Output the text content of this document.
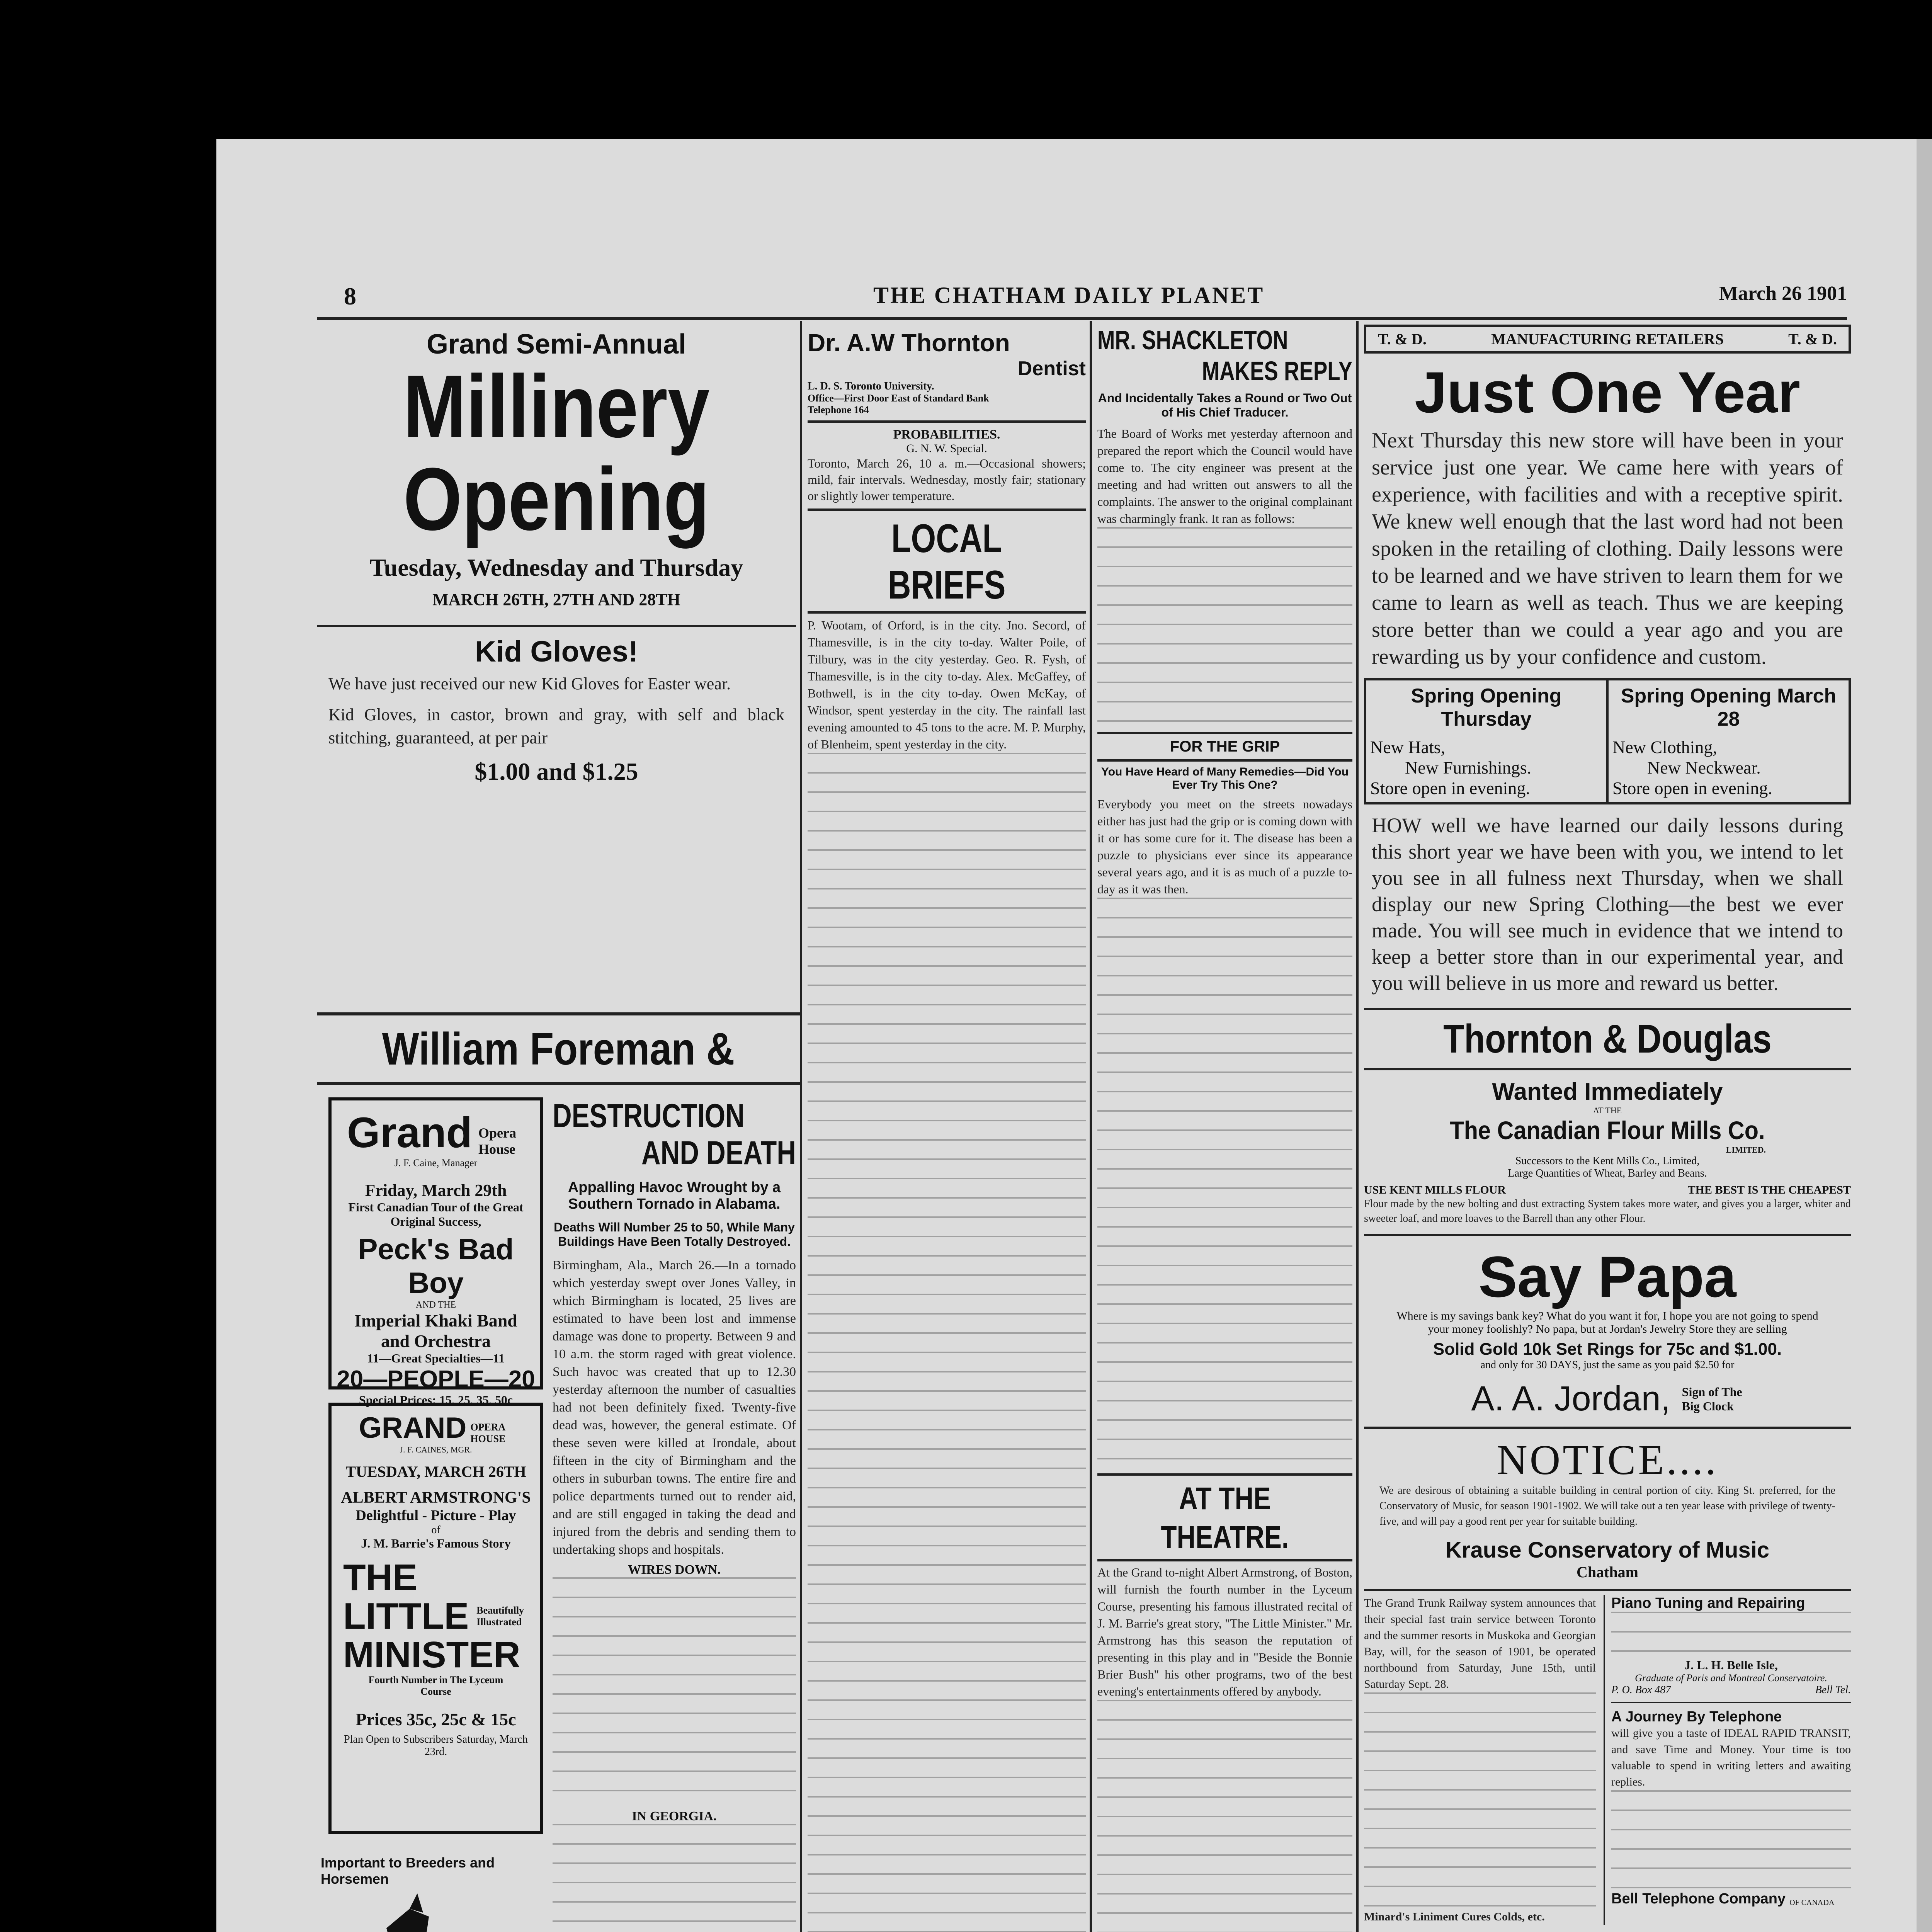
8	THE CHATHAM DAILY PLANET	March 26 1901
Grand Semi-Annual
Millinery
Opening
Tuesday, Wednesday and Thursday
MARCH 26TH, 27TH AND 28TH
Kid Gloves!
We have just received our new Kid Gloves for Easter wear.
Kid Gloves, in castor, brown and gray, with self and black stitching, guaranteed, at per pair
$1.00 and $1.25
William Foreman &
Grand Opera House
J. F. Caine, Manager
Friday, March 29th
First Canadian Tour of the Great Original Success,
Peck's Bad Boy
AND THE
Imperial Khaki Band and Orchestra
11—Great Specialties—11
20—PEOPLE—20
Special Prices: 15, 25, 35, 50c
GRAND OPERA HOUSE
J. F. CAINES, MGR.
TUESDAY, MARCH 26TH
ALBERT ARMSTRONG'S
Delightful - Picture - Play
of
J. M. Barrie's Famous Story
THE
LITTLE Beautifully Illustrated
MINISTER
Fourth Number in The Lyceum Course
Prices 35c, 25c & 15c
Plan Open to Subscribers Saturday, March 23rd.
Important to Breeders and Horsemen
DESTRUCTION
AND DEATH
Appalling Havoc Wrought by a Southern Tornado in Alabama.
Deaths Will Number 25 to 50, While Many Buildings Have Been Totally Destroyed.
Birmingham, Ala., March 26.—In a tornado which yesterday swept over Jones Valley, in which Birmingham is located, 25 lives are estimated to have been lost and immense damage was done to property. Between 9 and 10 a.m. the storm raged with great violence. Such havoc was created that up to 12.30 yesterday afternoon the number of casualties had not been definitely fixed. Twenty-five dead was, however, the general estimate. Of these seven were killed at Irondale, about fifteen in the city of Birmingham and the others in suburban towns. The entire fire and police departments turned out to render aid, and are still engaged in taking the dead and injured from the debris and sending them to undertaking shops and hospitals.
WIRES DOWN.
IN GEORGIA.
Dr. A.W Thornton
Dentist
L. D. S. Toronto University.
Office—First Door East of Standard Bank
Telephone 164
PROBABILITIES.
G. N. W. Special.
Toronto, March 26, 10 a. m.—Occasional showers; mild, fair intervals. Wednesday, mostly fair; stationary or slightly lower temperature.
LOCAL BRIEFS
P. Wootam, of Orford, is in the city. Jno. Secord, of Thamesville, is in the city to-day. Walter Poile, of Tilbury, was in the city yesterday. Geo. R. Fysh, of Thamesville, is in the city to-day. Alex. McGaffey, of Bothwell, is in the city to-day. Owen McKay, of Windsor, spent yesterday in the city. The rainfall last evening amounted to 45 tons to the acre. M. P. Murphy, of Blenheim, spent yesterday in the city.

MR. SHACKLETON
MAKES REPLY
And Incidentally Takes a Round or Two Out of His Chief Traducer.
The Board of Works met yesterday afternoon and prepared the report which the Council would have come to. The city engineer was present at the meeting and had written out answers to all the complaints. The answer to the original complainant was charmingly frank. It ran as follows:
FOR THE GRIP
You Have Heard of Many Remedies—Did You Ever Try This One?
Everybody you meet on the streets nowadays either has just had the grip or is coming down with it or has some cure for it. The disease has been a puzzle to physicians ever since its appearance several years ago, and it is as much of a puzzle to-day as it was then.
AT THE THEATRE.
At the Grand to-night Albert Armstrong, of Boston, will furnish the fourth number in the Lyceum Course, presenting his famous illustrated recital of J. M. Barrie's great story, "The Little Minister." Mr. Armstrong has this season the reputation of presenting in this play and in "Beside the Bonnie Brier Bush" his other programs, two of the best evening's entertainments offered by anybody.
T. & D.	MANUFACTURING RETAILERS	T. & D.
Just One Year
Next Thursday this new store will have been in your service just one year. We came here with years of experience, with facilities and with a receptive spirit. We knew well enough that the last word had not been spoken in the retailing of clothing. Daily lessons were to be learned and we have striven to learn them for we came to learn as well as teach. Thus we are keeping store better than we could a year ago and you are rewarding us by your confidence and custom.
Spring Opening Thursday
New Hats,
New Furnishings.
Store open in evening.
Spring Opening March 28
New Clothing,
New Neckwear.
Store open in evening.
HOW well we have learned our daily lessons during this short year we have been with you, we intend to let you see in all fulness next Thursday, when we shall display our new Spring Clothing—the best we ever made. You will see much in evidence that we intend to keep a better store than in our experimental year, and you will believe in us more and reward us better.
Thornton & Douglas
Wanted Immediately
AT THE
The Canadian Flour Mills Co.
LIMITED.
Successors to the Kent Mills Co., Limited,
Large Quantities of Wheat, Barley and Beans.
USE KENT MILLS FLOUR	THE BEST IS THE CHEAPEST
Flour made by the new bolting and dust extracting System takes more water, and gives you a larger, whiter and sweeter loaf, and more loaves to the Barrell than any other Flour.
Say Papa
Where is my savings bank key? What do you want it for, I hope you are not going to spend your money foolishly? No papa, but at Jordan's Jewelry Store they are selling
Solid Gold 10k Set Rings for 75c and $1.00.
and only for 30 DAYS, just the same as you paid $2.50 for
A. A. Jordan, Sign of The Big Clock
NOTICE....
We are desirous of obtaining a suitable building in central portion of city. King St. preferred, for the Conservatory of Music, for season 1901-1902. We will take out a ten year lease with privilege of twenty-five, and will pay a good rent per year for suitable building.
Krause Conservatory of Music
Chatham
The Grand Trunk Railway system announces that their special fast train service between Toronto and the summer resorts in Muskoka and Georgian Bay, will, for the season of 1901, be operated northbound from Saturday, June 15th, until Saturday Sept. 28.
Minard's Liniment Cures Colds, etc.
Piano Tuning and Repairing
J. L. H. Belle Isle,
Graduate of Paris and Montreal Conservatoire.
P. O. Box 487	Bell Tel.
A Journey By Telephone
will give you a taste of IDEAL RAPID TRANSIT, and save Time and Money. Your time is too valuable to spend in writing letters and awaiting replies.
Bell Telephone Company OF CANADA
